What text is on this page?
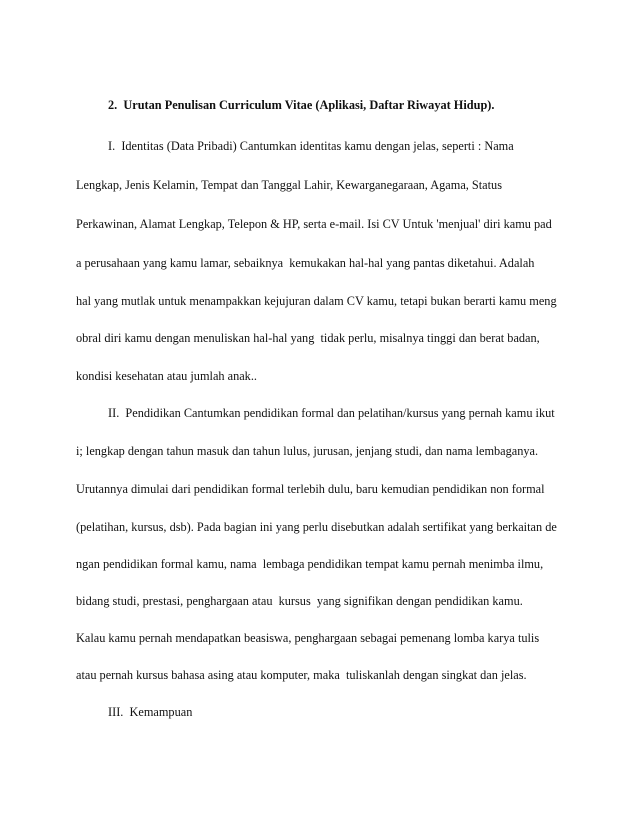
2.  Urutan Penulisan Curriculum Vitae (Aplikasi, Daftar Riwayat Hidup).
I.  Identitas (Data Pribadi) Cantumkan identitas kamu dengan jelas, seperti : Nama
Lengkap, Jenis Kelamin, Tempat dan Tanggal Lahir, Kewarganegaraan, Agama, Status
Perkawinan, Alamat Lengkap, Telepon & HP, serta e-mail. Isi CV Untuk 'menjual' diri kamu pad
a perusahaan yang kamu lamar, sebaiknya  kemukakan hal-hal yang pantas diketahui. Adalah
hal yang mutlak untuk menampakkan kejujuran dalam CV kamu, tetapi bukan berarti kamu meng
obral diri kamu dengan menuliskan hal-hal yang  tidak perlu, misalnya tinggi dan berat badan,
kondisi kesehatan atau jumlah anak..
II.  Pendidikan Cantumkan pendidikan formal dan pelatihan/kursus yang pernah kamu ikut
i; lengkap dengan tahun masuk dan tahun lulus, jurusan, jenjang studi, dan nama lembaganya.
Urutannya dimulai dari pendidikan formal terlebih dulu, baru kemudian pendidikan non formal
(pelatihan, kursus, dsb). Pada bagian ini yang perlu disebutkan adalah sertifikat yang berkaitan de
ngan pendidikan formal kamu, nama  lembaga pendidikan tempat kamu pernah menimba ilmu,
bidang studi, prestasi, penghargaan atau  kursus  yang signifikan dengan pendidikan kamu.
Kalau kamu pernah mendapatkan beasiswa, penghargaan sebagai pemenang lomba karya tulis
atau pernah kursus bahasa asing atau komputer, maka  tuliskanlah dengan singkat dan jelas.
III.  Kemampuan
